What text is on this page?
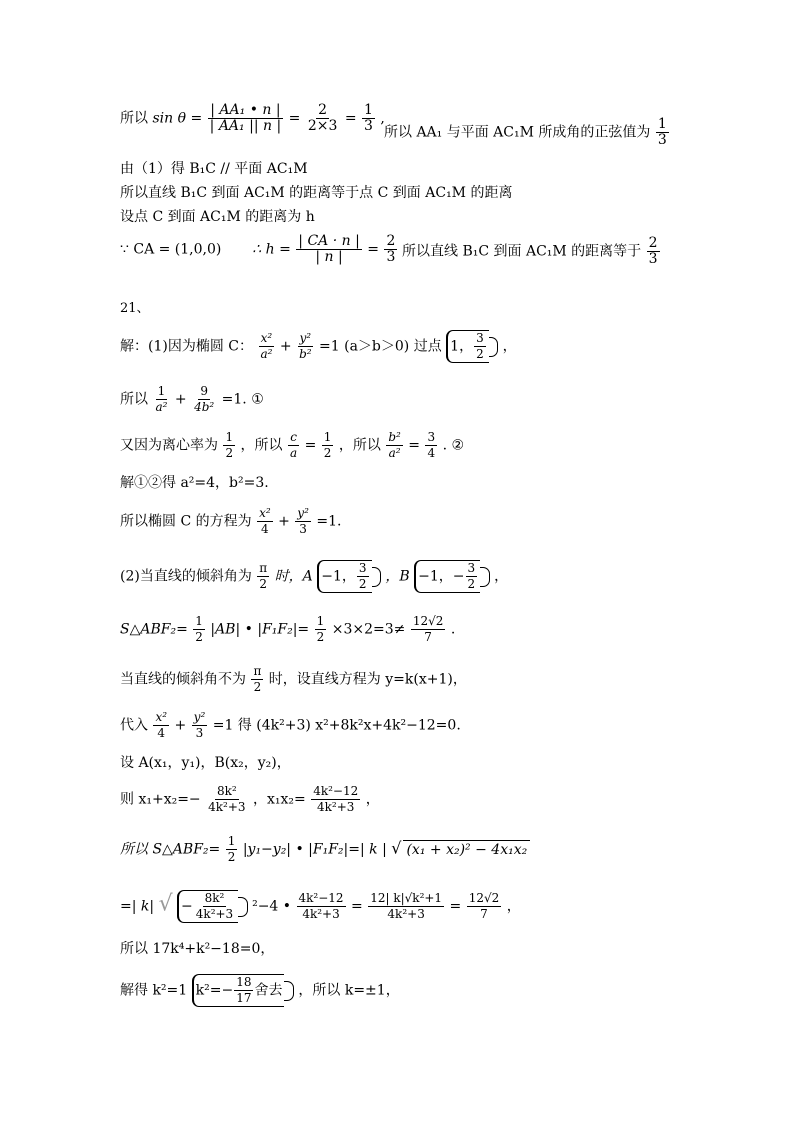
所以 $\sin \theta = \frac{\text{| AA₁ • n |}}{\text{| AA₁ || n |}} = \frac{2}{2\times 3} = \frac{1}{3}$ ,
所以 AA₁ 与平面 AC₁M 所成角的正弦值为 $\frac{1}{3}$
由（1）得 B₁C // 平面 AC₁M
所以直线 B₁C 到面 AC₁M 的距离等于点 C 到面 AC₁M 的距离
设点 C 到面 AC₁M 的距离为 h
∵ CA = (1,0,0) ∴ $h = \frac{| CA \cdot n |}{| n |} = \frac{2}{3}$ 所以直线 B₁C 到面 AC₁M 的距离等于 $\frac{2}{3}$
21、
解：(1)因为椭圆 C： $\frac{\text{x²}}{\text{a²}} + \frac{\text{y²}}{\text{b²}} =1$ (a＞b＞0) 过点 1， $\frac{3}{2}$
，
所以 $\frac{1}{\text{a²}} + \frac{9}{\text{4b²}} =1$. ①
又因为离心率为 $\frac{1}{2}$ ，所以 $\frac{c}{a} = \frac{1}{2}$ ，所以 $\frac{\text{b²}}{\text{a²}} = \frac{3}{4}$ . ②
解①②得 a²=4，b²=3.
所以椭圆 C 的方程为 $\frac{\text{x²}}{4} + \frac{\text{y²}}{3} =1$.
(2)当直线的倾斜角为 $\frac{\pi}{2}$ 时，A −1， $\frac{3}{2}$
，B −1，− $\frac{3}{2}$
，
S△ABF₂= $\frac{1}{2} |AB|$ • $|F_1F_2|= \frac{1}{2} \times 3\times 2=3\ne \frac{12√2}{7}$ .
当直线的倾斜角不为 $\frac{\pi}{2}$ 时，设直线方程为 y=k(x+1)，
代入 $\frac{\text{x²}}{4} + \frac{\text{y²}}{3} =1$ 得 (4k²+3) x²+8k²x+4k²−12=0.
设 A(x₁，y₁)，B(x₂，y₂)，
则 $x_1+x_2=- \frac{\text{8k²}}{\text{4k²+3}}$ ，$x_1x_2= \frac{\text{4k²−12}}{\text{4k²+3}}$ ，
所以 S△ABF₂= $\frac{1}{2} |y_1-y_2|$ • |F₁F₂|=| k | √ (x₁ + x₂)² − 4x₁x₂
=| k| √ − $\frac{\text{8k²}}{\text{4k²+3}}$
²−4 • $\frac{\text{4k²−12}}{\text{4k²+3}} = \frac{\text{12| k|√k²+1}}{\text{4k²+3}} = \frac{12√2}{7}$ ，
所以 17k⁴+k²−18=0，
解得 k²=1 $k^2=- \frac{18}{17}$ 舍去
，所以 k=±1，
